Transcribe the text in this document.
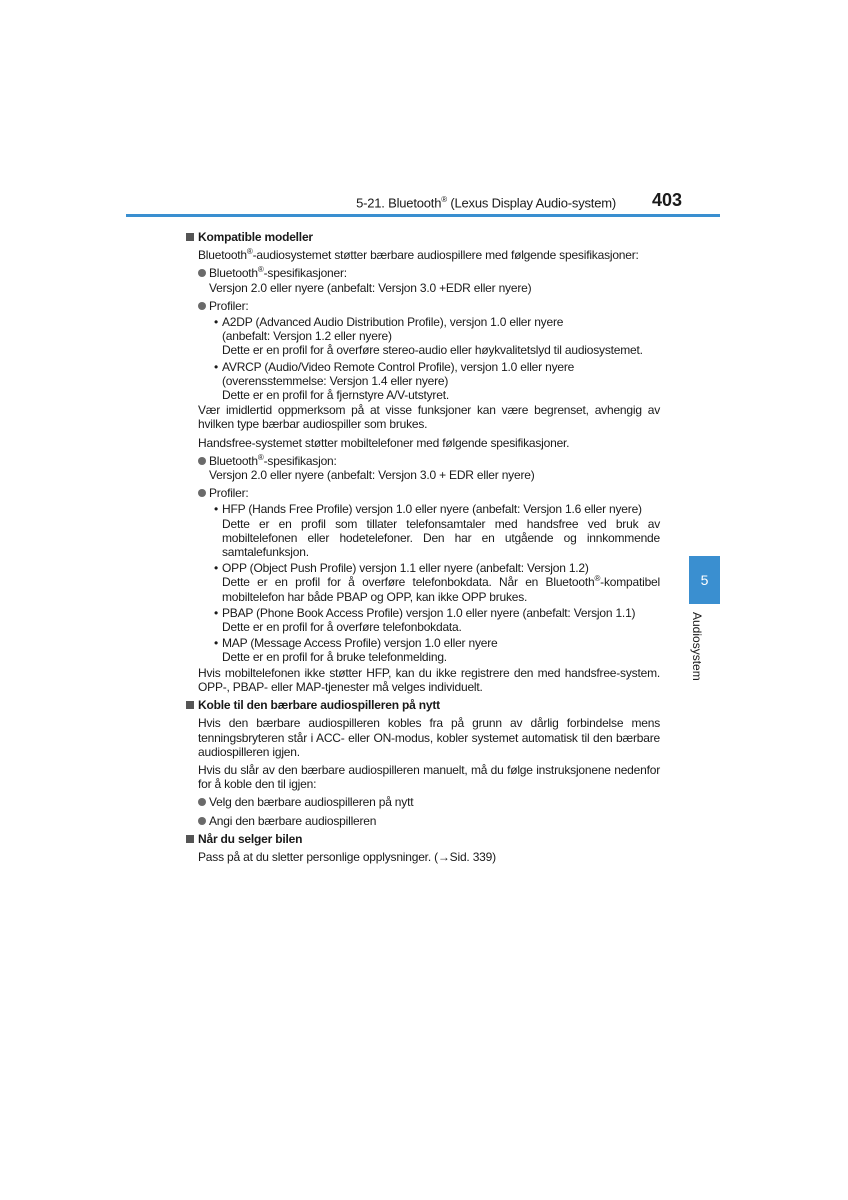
5-21. Bluetooth® (Lexus Display Audio-system) 403
5
Audiosystem
Kompatible modeller
Bluetooth®-audiosystemet støtter bærbare audiospillere med følgende spesifikasjoner:
Bluetooth®-spesifikasjoner:
Versjon 2.0 eller nyere (anbefalt: Versjon 3.0 +EDR eller nyere)
Profiler:
• A2DP (Advanced Audio Distribution Profile), versjon 1.0 eller nyere
(anbefalt: Versjon 1.2 eller nyere)
Dette er en profil for å overføre stereo-audio eller høykvalitetslyd til audiosystemet.
• AVRCP (Audio/Video Remote Control Profile), versjon 1.0 eller nyere
(overensstemmelse: Versjon 1.4 eller nyere)
Dette er en profil for å fjernstyre A/V-utstyret.
Vær imidlertid oppmerksom på at visse funksjoner kan være begrenset, avhengig av hvilken type bærbar audiospiller som brukes.
Handsfree-systemet støtter mobiltelefoner med følgende spesifikasjoner.
Bluetooth®-spesifikasjon:
Versjon 2.0 eller nyere (anbefalt: Versjon 3.0 + EDR eller nyere)
Profiler:
• HFP (Hands Free Profile) versjon 1.0 eller nyere (anbefalt: Versjon 1.6 eller nyere)
Dette er en profil som tillater telefonsamtaler med handsfree ved bruk av mobiltelefonen eller hodetelefoner. Den har en utgående og innkommende samtalefunksjon.
• OPP (Object Push Profile) versjon 1.1 eller nyere (anbefalt: Versjon 1.2)
Dette er en profil for å overføre telefonbokdata. Når en Bluetooth®-kompatibel mobiltelefon har både PBAP og OPP, kan ikke OPP brukes.
• PBAP (Phone Book Access Profile) versjon 1.0 eller nyere (anbefalt: Versjon 1.1)
Dette er en profil for å overføre telefonbokdata.
• MAP (Message Access Profile) versjon 1.0 eller nyere
Dette er en profil for å bruke telefonmelding.
Hvis mobiltelefonen ikke støtter HFP, kan du ikke registrere den med handsfree-system. OPP-, PBAP- eller MAP-tjenester må velges individuelt.
Koble til den bærbare audiospilleren på nytt
Hvis den bærbare audiospilleren kobles fra på grunn av dårlig forbindelse mens tenningsbryteren står i ACC- eller ON-modus, kobler systemet automatisk til den bærbare audiospilleren igjen.
Hvis du slår av den bærbare audiospilleren manuelt, må du følge instruksjonene nedenfor for å koble den til igjen:
Velg den bærbare audiospilleren på nytt
Angi den bærbare audiospilleren
Når du selger bilen
Pass på at du sletter personlige opplysninger. (→Sid. 339)
